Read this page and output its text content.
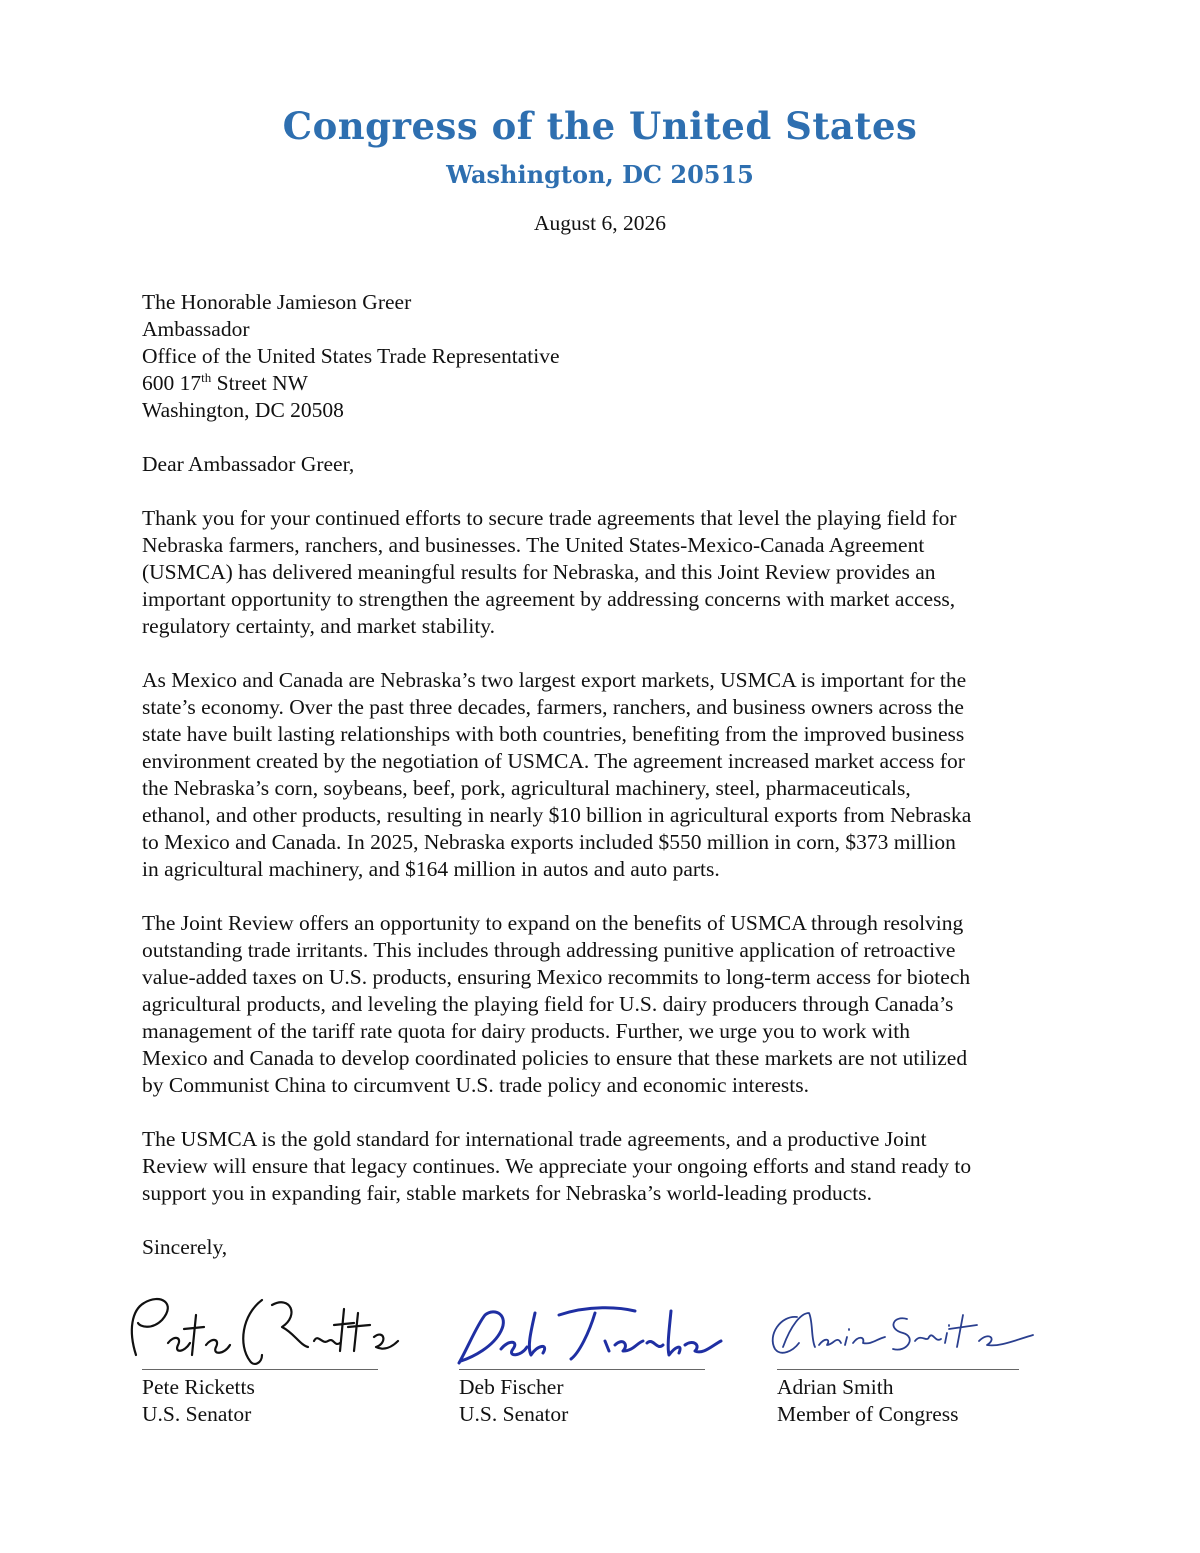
Congress of the United States
Washington, DC 20515
August 6, 2026
The Honorable Jamieson Greer
Ambassador
Office of the United States Trade Representative
600 17th Street NW
Washington, DC 20508
Dear Ambassador Greer,
Thank you for your continued efforts to secure trade agreements that level the playing field for
Nebraska farmers, ranchers, and businesses. The United States-Mexico-Canada Agreement
(USMCA) has delivered meaningful results for Nebraska, and this Joint Review provides an
important opportunity to strengthen the agreement by addressing concerns with market access,
regulatory certainty, and market stability.
As Mexico and Canada are Nebraska’s two largest export markets, USMCA is important for the
state’s economy. Over the past three decades, farmers, ranchers, and business owners across the
state have built lasting relationships with both countries, benefiting from the improved business
environment created by the negotiation of USMCA. The agreement increased market access for
the Nebraska’s corn, soybeans, beef, pork, agricultural machinery, steel, pharmaceuticals,
ethanol, and other products, resulting in nearly $10 billion in agricultural exports from Nebraska
to Mexico and Canada. In 2025, Nebraska exports included $550 million in corn, $373 million
in agricultural machinery, and $164 million in autos and auto parts.
The Joint Review offers an opportunity to expand on the benefits of USMCA through resolving
outstanding trade irritants. This includes through addressing punitive application of retroactive
value-added taxes on U.S. products, ensuring Mexico recommits to long-term access for biotech
agricultural products, and leveling the playing field for U.S. dairy producers through Canada’s
management of the tariff rate quota for dairy products. Further, we urge you to work with
Mexico and Canada to develop coordinated policies to ensure that these markets are not utilized
by Communist China to circumvent U.S. trade policy and economic interests.
The USMCA is the gold standard for international trade agreements, and a productive Joint
Review will ensure that legacy continues. We appreciate your ongoing efforts and stand ready to
support you in expanding fair, stable markets for Nebraska’s world-leading products.
Sincerely,
Pete Ricketts
U.S. Senator
Deb Fischer
U.S. Senator
Adrian Smith
Member of Congress
